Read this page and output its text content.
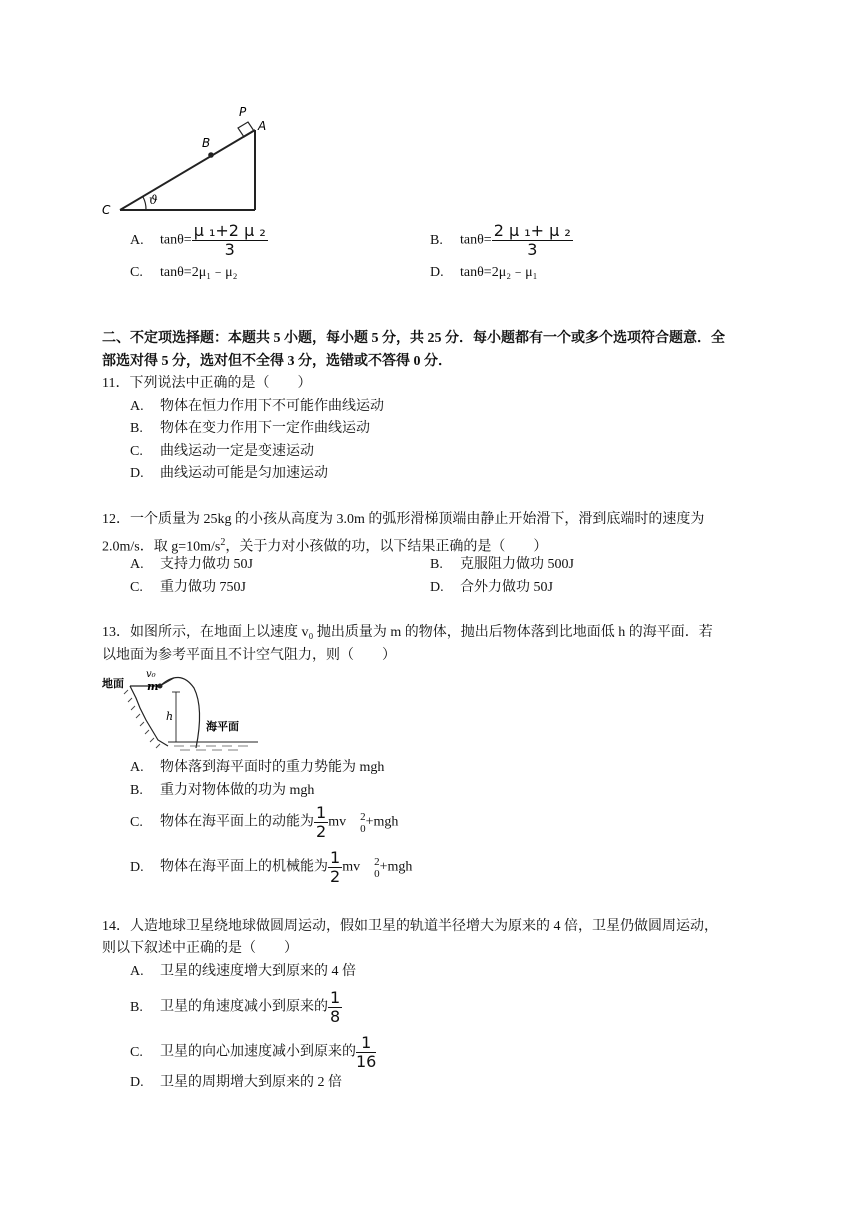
P
A
B
C
ϑ
A. $\tan\theta= \frac{\text{μ ₁+2 μ ₂}}{3}$	B. $\tan\theta= \frac{\text{2 μ ₁+ μ ₂}}{3}$
C. tanθ=2μ₁﹣μ₂	D. tanθ=2μ₂﹣μ₁
二、不定项选择题：本题共 5 小题，每小题 5 分，共 25 分．每小题都有一个或多个选项符合题意．全
部选对得 5 分，选对但不全得 3 分，选错或不答得 0 分．
11．下列说法中正确的是（　　）
A. 物体在恒力作用下不可能作曲线运动
B. 物体在变力作用下一定作曲线运动
C. 曲线运动一定是变速运动
D. 曲线运动可能是匀加速运动
12．一个质量为 25kg 的小孩从高度为 3.0m 的弧形滑梯顶端由静止开始滑下，滑到底端时的速度为
2.0m/s．取 $g=10m/s^2$，关于力对小孩做的功，以下结果正确的是（　　）
A. 支持力做功 50J	B. 克服阻力做功 500J
C. 重力做功 750J	D. 合外力做功 50J
13．如图所示，在地面上以速度 v₀ 抛出质量为 m 的物体，抛出后物体落到比地面低 h 的海平面．若
以地面为参考平面且不计空气阻力，则（　　）
地面
v₀
m
h
海平面
A. 物体落到海平面时的重力势能为 mgh
B. 重力对物体做的功为 mgh
C. 物体在海平面上的动能为 $\frac{1}{2}$ mv 2
0 +mgh
D. 物体在海平面上的机械能为 $\frac{1}{2}$ mv 2
0 +mgh
14．人造地球卫星绕地球做圆周运动，假如卫星的轨道半径增大为原来的 4 倍，卫星仍做圆周运动，
则以下叙述中正确的是（　　）
A. 卫星的线速度增大到原来的 4 倍
B. 卫星的角速度减小到原来的 $\frac{1}{8}$
C. 卫星的向心加速度减小到原来的 $\frac{1}{16}$
D. 卫星的周期增大到原来的 2 倍
